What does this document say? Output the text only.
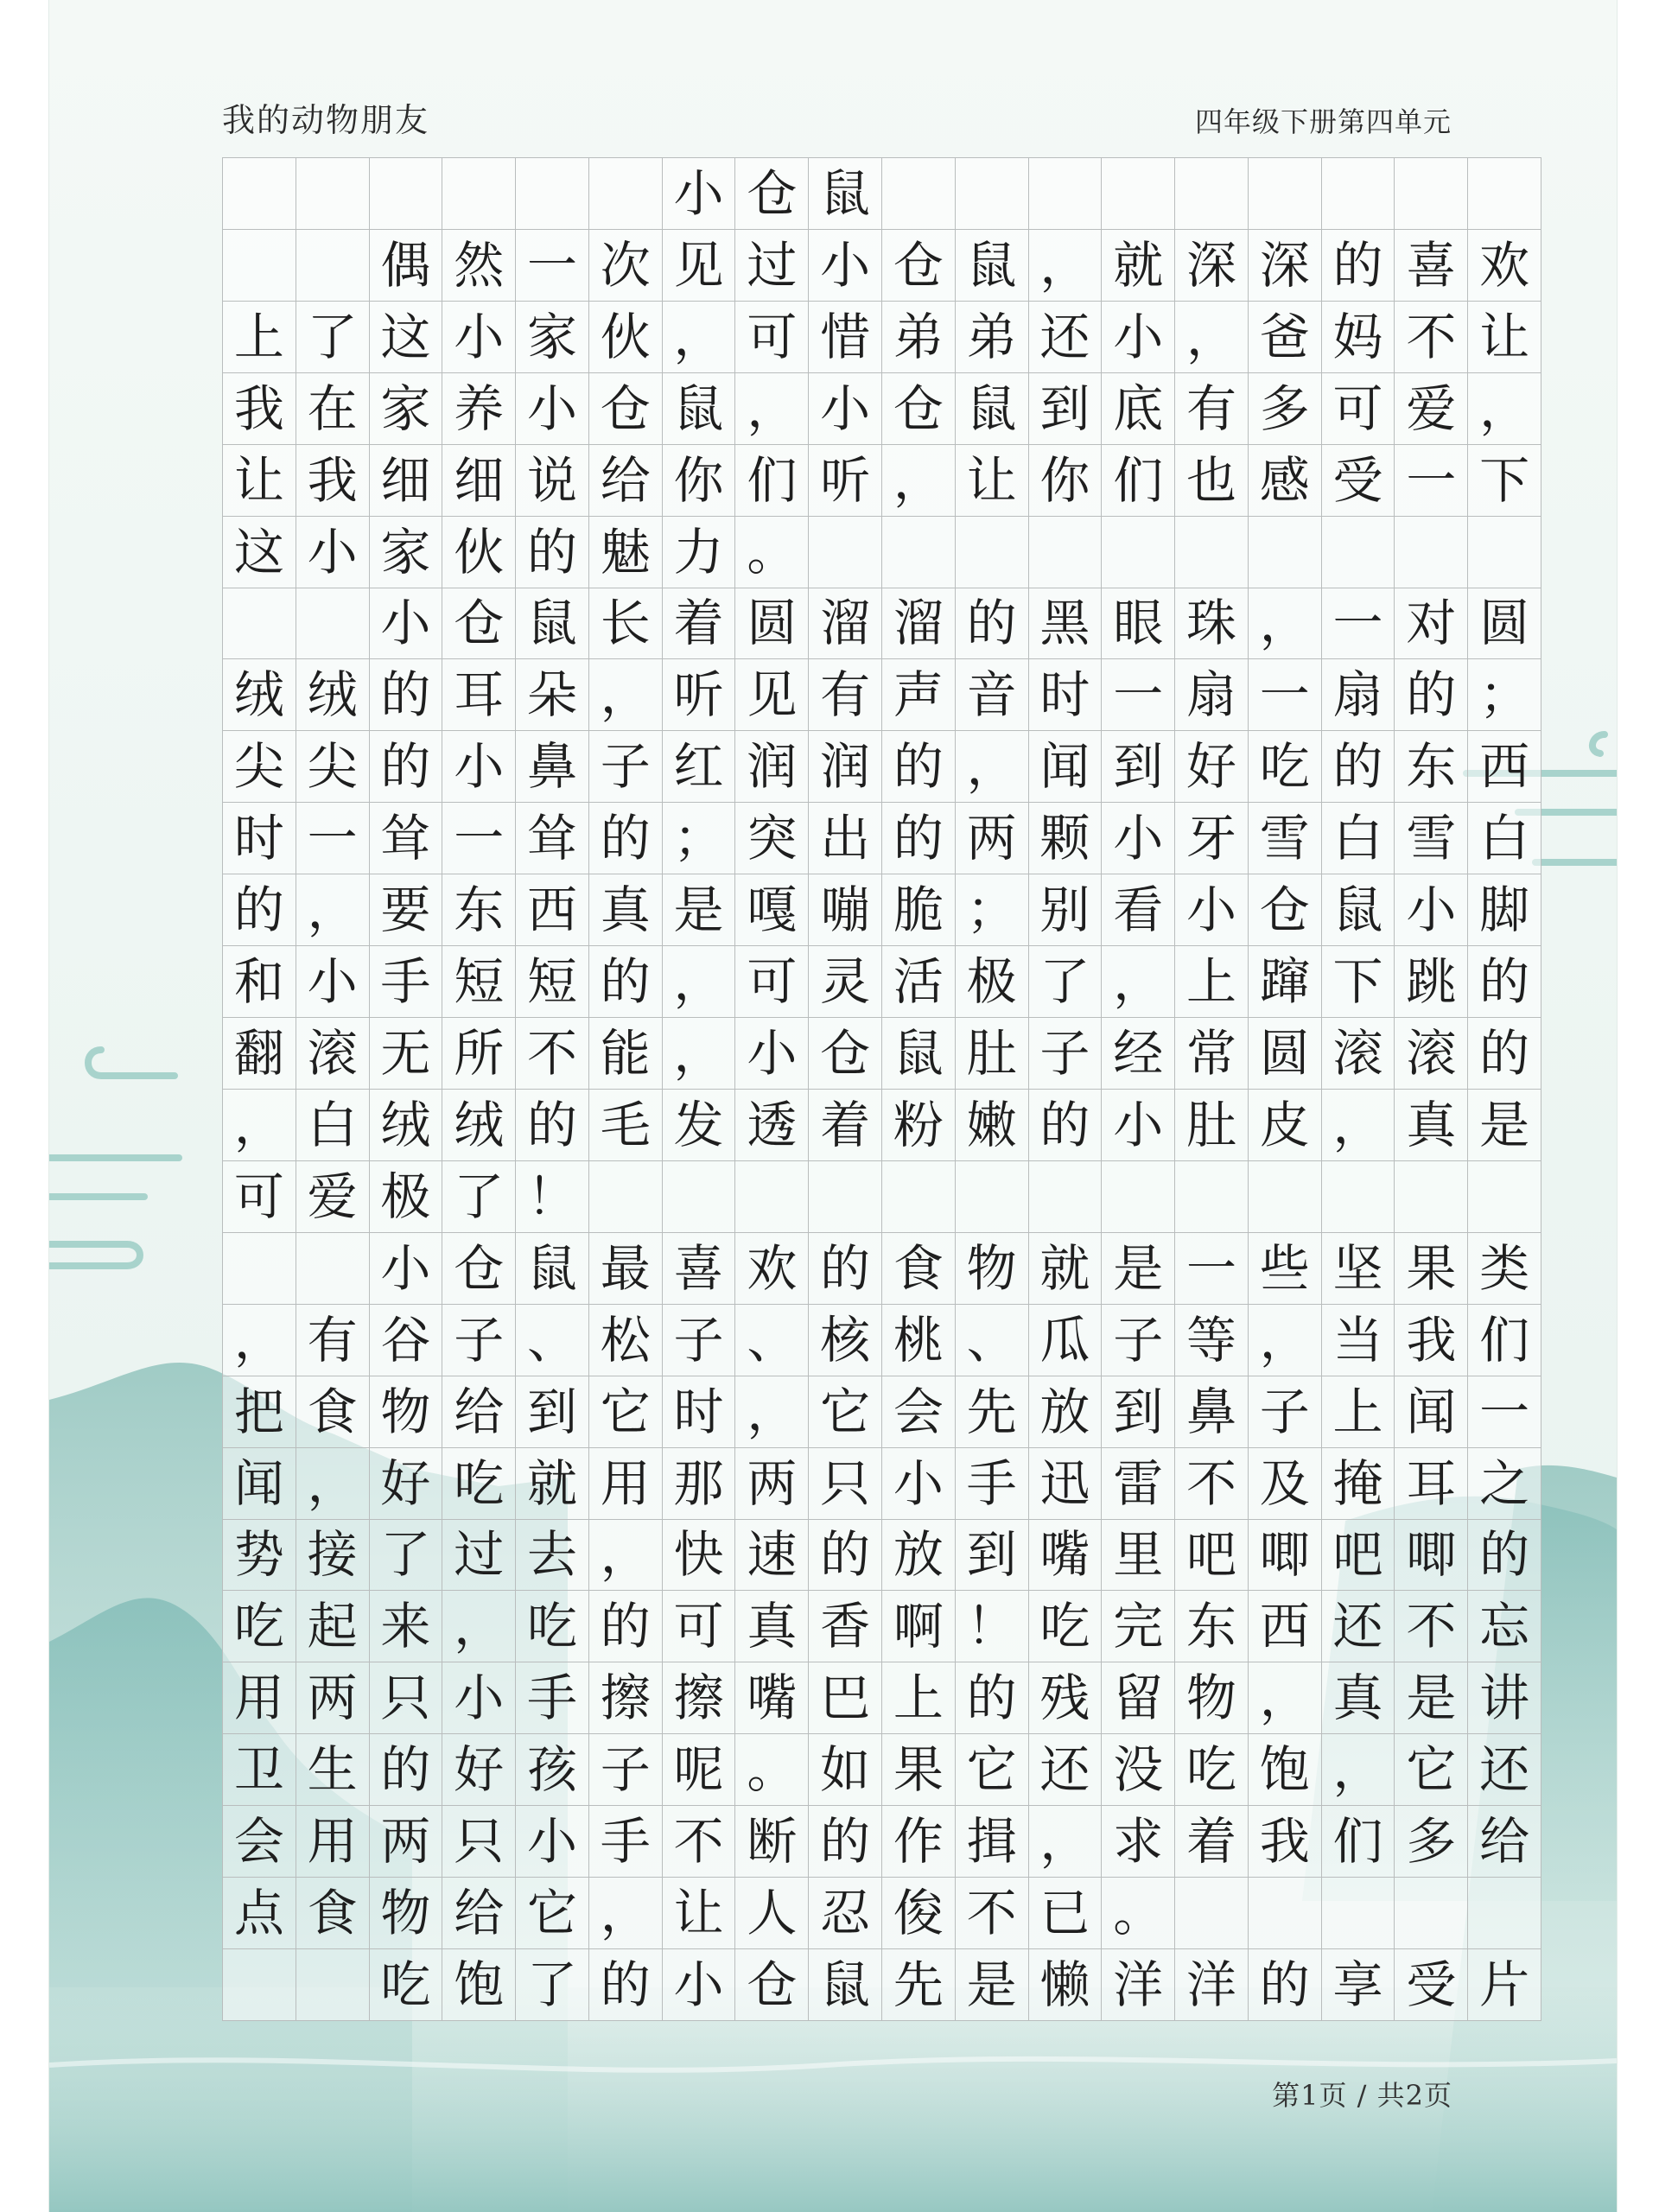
我的动物朋友	四年级下册第四单元
小 仓 鼠
偶 然 一 次 见 过 小 仓 鼠 ， 就 深 深 的 喜 欢
上 了 这 小 家 伙 ， 可 惜 弟 弟 还 小 ， 爸 妈 不 让
我 在 家 养 小 仓 鼠 ， 小 仓 鼠 到 底 有 多 可 爱 ，
让 我 细 细 说 给 你 们 听 ， 让 你 们 也 感 受 一 下
这 小 家 伙 的 魅 力 。
小 仓 鼠 长 着 圆 溜 溜 的 黑 眼 珠 ， 一 对 圆
绒 绒 的 耳 朵 ， 听 见 有 声 音 时 一 扇 一 扇 的 ；
尖 尖 的 小 鼻 子 红 润 润 的 ， 闻 到 好 吃 的 东 西
时 一 耸 一 耸 的 ； 突 出 的 两 颗 小 牙 雪 白 雪 白
的 ， 要 东 西 真 是 嘎 嘣 脆 ； 别 看 小 仓 鼠 小 脚
和 小 手 短 短 的 ， 可 灵 活 极 了 ， 上 蹿 下 跳 的
翻 滚 无 所 不 能 ， 小 仓 鼠 肚 子 经 常 圆 滚 滚 的
， 白 绒 绒 的 毛 发 透 着 粉 嫩 的 小 肚 皮 ， 真 是
可 爱 极 了 ！
小 仓 鼠 最 喜 欢 的 食 物 就 是 一 些 坚 果 类
， 有 谷 子 、 松 子 、 核 桃 、 瓜 子 等 ， 当 我 们
把 食 物 给 到 它 时 ， 它 会 先 放 到 鼻 子 上 闻 一
闻 ， 好 吃 就 用 那 两 只 小 手 迅 雷 不 及 掩 耳 之
势 接 了 过 去 ， 快 速 的 放 到 嘴 里 吧 唧 吧 唧 的
吃 起 来 ， 吃 的 可 真 香 啊 ！ 吃 完 东 西 还 不 忘
用 两 只 小 手 擦 擦 嘴 巴 上 的 残 留 物 ， 真 是 讲
卫 生 的 好 孩 子 呢 。 如 果 它 还 没 吃 饱 ， 它 还
会 用 两 只 小 手 不 断 的 作 揖 ， 求 着 我 们 多 给
点 食 物 给 它 ， 让 人 忍 俊 不 已 。
吃 饱 了 的 小 仓 鼠 先 是 懒 洋 洋 的 享 受 片
第1页 / 共2页
